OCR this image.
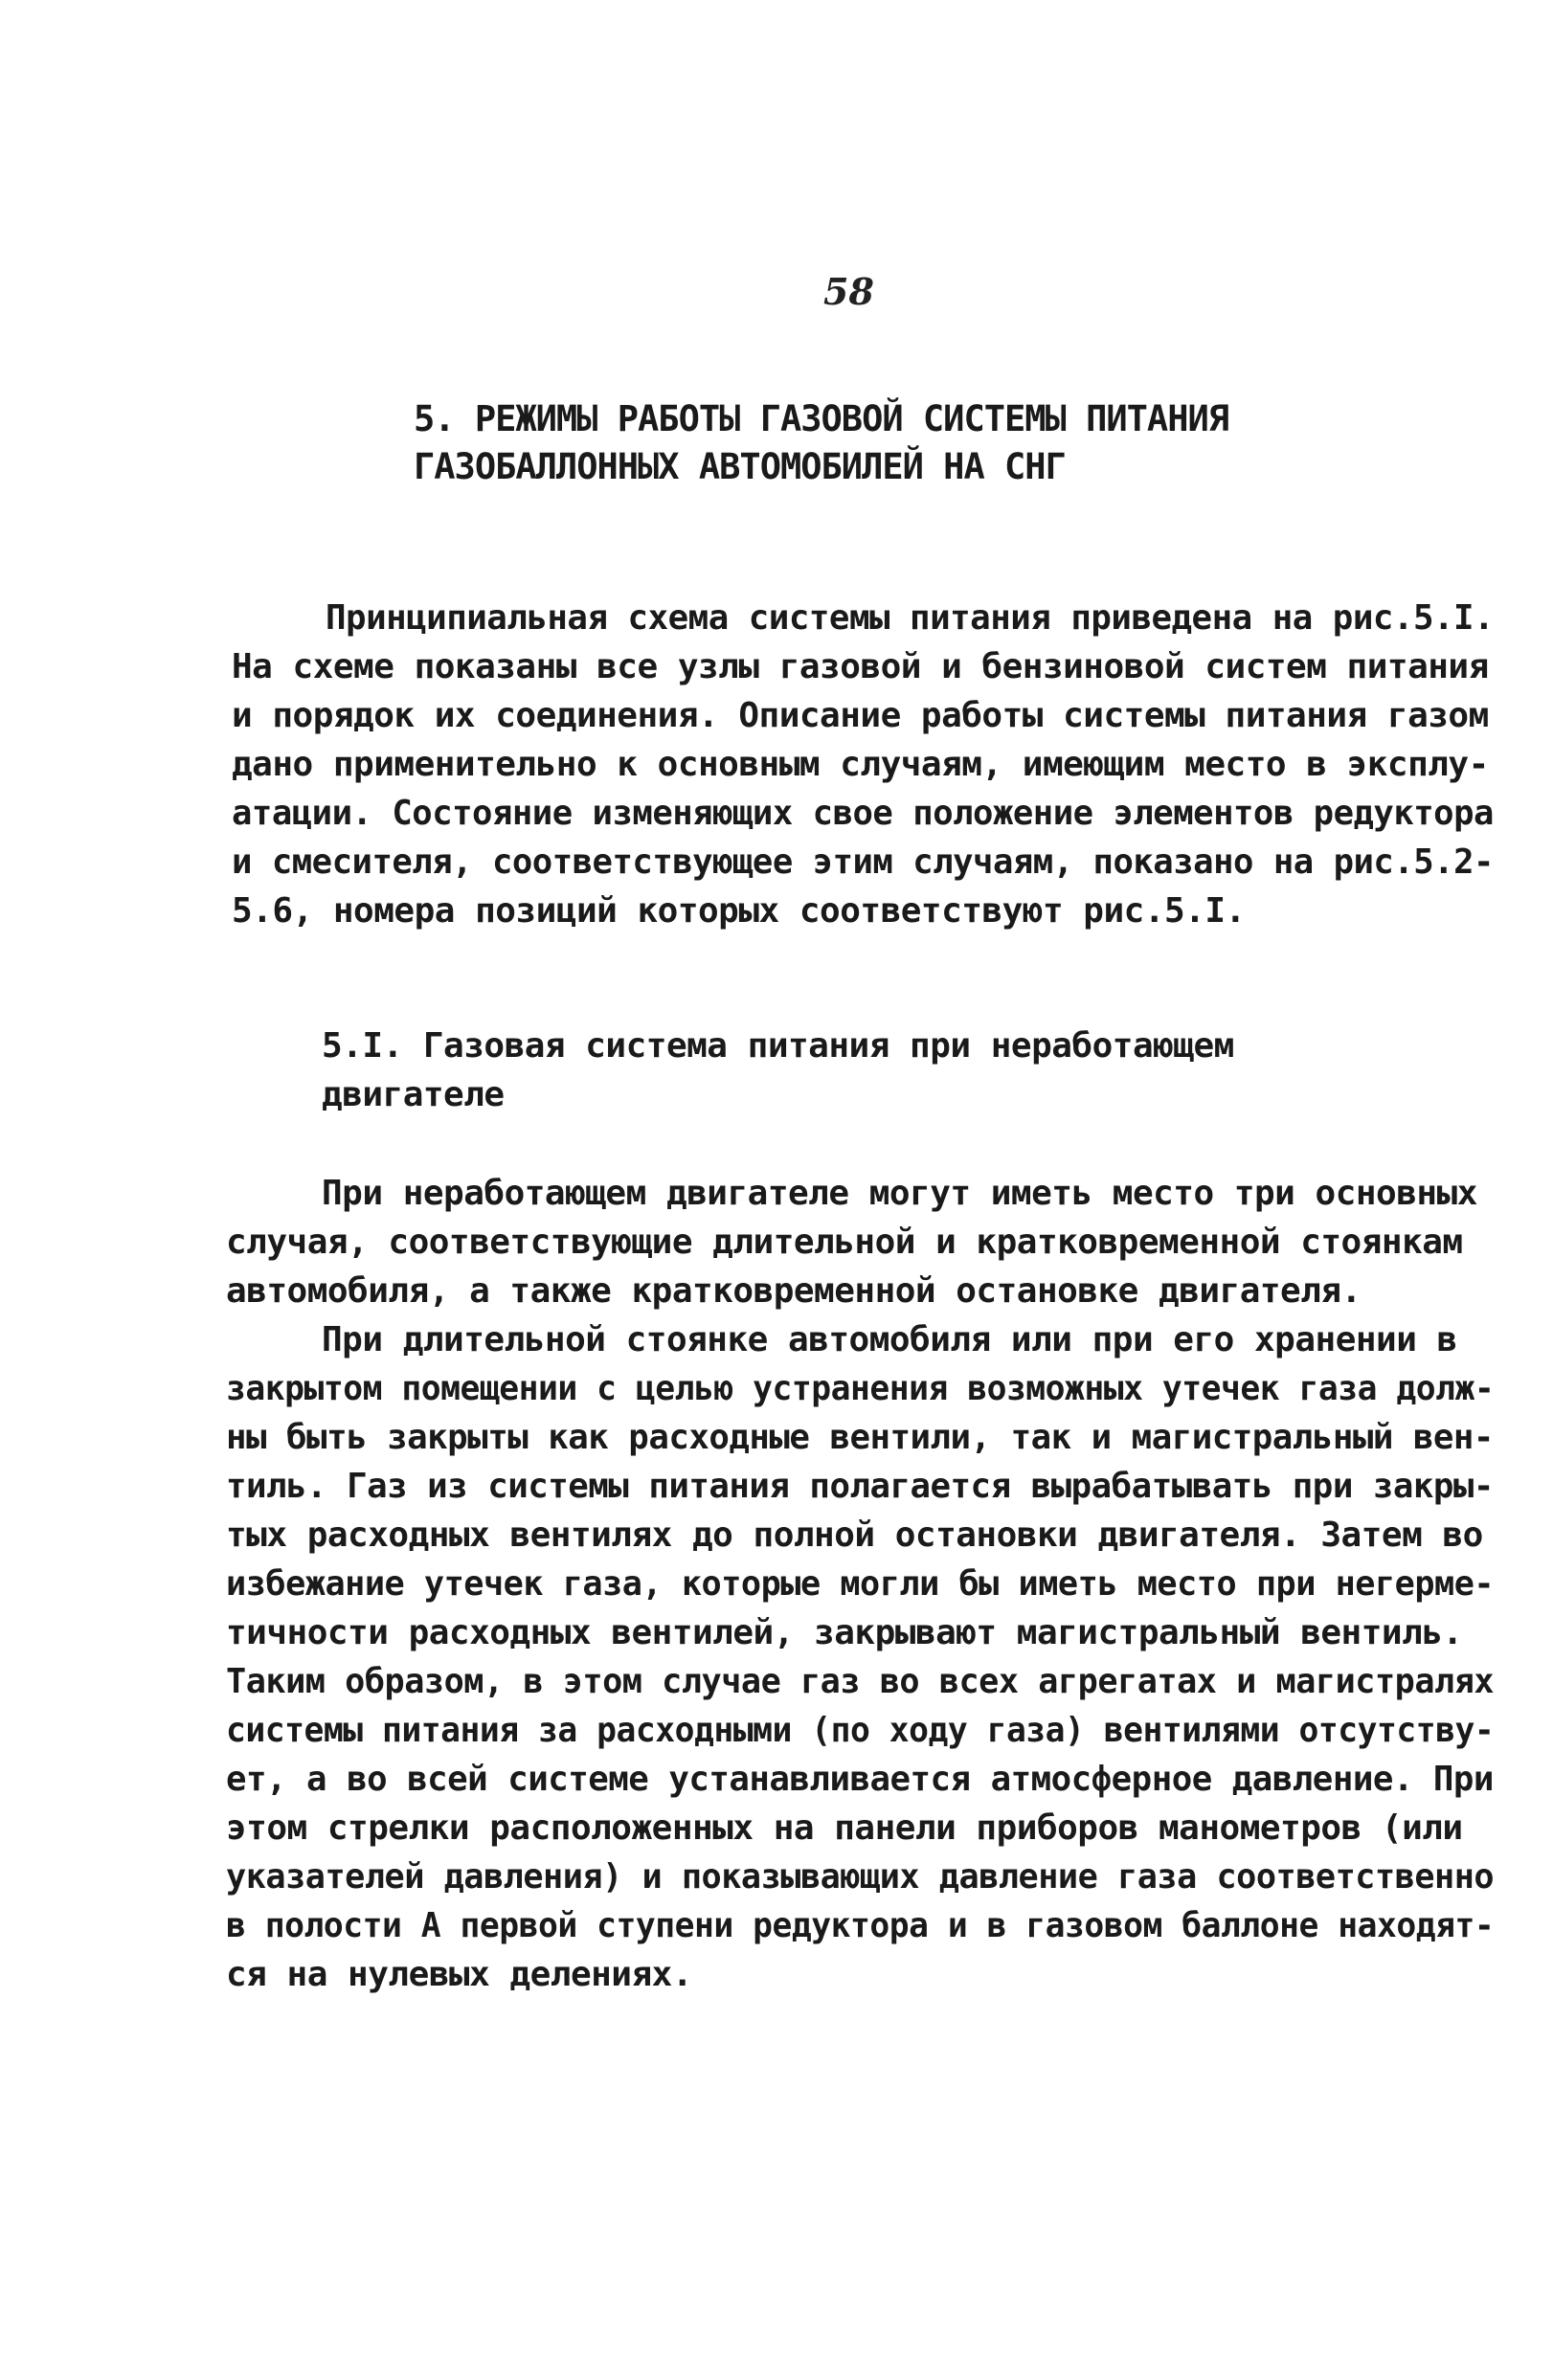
58
5. РЕЖИМЫ РАБОТЫ ГАЗОВОЙ СИСТЕМЫ ПИТАНИЯ
ГАЗОБАЛЛОННЫХ АВТОМОБИЛЕЙ НА СНГ
Принципиальная схема системы питания приведена на рис.5.I.
На схеме показаны все узлы газовой и бензиновой систем питания
и порядок их соединения. Описание работы системы питания газом
дано применительно к основным случаям, имеющим место в эксплу-
атации. Состояние изменяющих свое положение элементов редуктора
и смесителя, соответствующее этим случаям, показано на рис.5.2-
5.6, номера позиций которых соответствуют рис.5.I.
5.I. Газовая система питания при неработающем
двигателе
При неработающем двигателе могут иметь место три основных
случая, соответствующие длительной и кратковременной стоянкам
автомобиля, а также кратковременной остановке двигателя.
При длительной стоянке автомобиля или при его хранении в
закрытом помещении с целью устранения возможных утечек газа долж-
ны быть закрыты как расходные вентили, так и магистральный вен-
тиль. Газ из системы питания полагается вырабатывать при закры-
тых расходных вентилях до полной остановки двигателя. Затем во
избежание утечек газа, которые могли бы иметь место при негерме-
тичности расходных вентилей, закрывают магистральный вентиль.
Таким образом, в этом случае газ во всех агрегатах и магистралях
системы питания за расходными (по ходу газа) вентилями отсутству-
ет, а во всей системе устанавливается атмосферное давление. При
этом стрелки расположенных на панели приборов манометров (или
указателей давления) и показывающих давление газа соответственно
в полости А первой ступени редуктора и в газовом баллоне находят-
ся на нулевых делениях.
